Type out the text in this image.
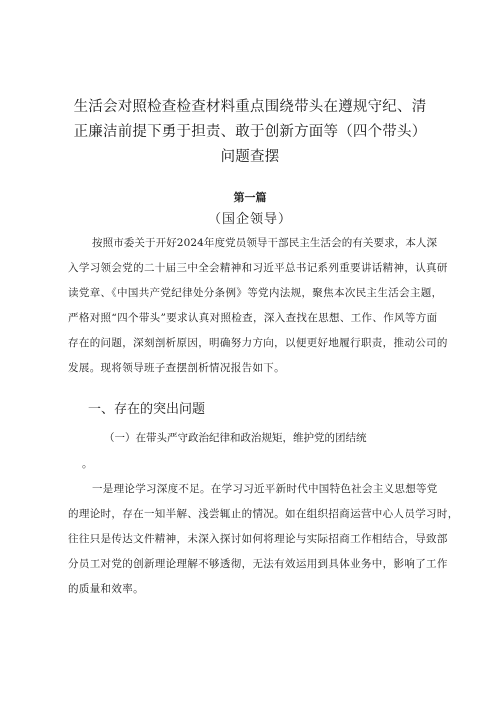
生活会对照检查检查材料重点围绕带头在遵规守纪、清
正廉洁前提下勇于担责、敢于创新方面等（四个带头）
问题查摆
第一篇
（国企领导）
按照市委关于开好2024年度党员领导干部民主生活会的有关要求，本人深
入学习领会党的二十届三中全会精神和习近平总书记系列重要讲话精神，认真研
读党章、《中国共产党纪律处分条例》等党内法规，聚焦本次民主生活会主题，
严格对照“四个带头”要求认真对照检查，深入查找在思想、工作、作风等方面
存在的问题，深刻剖析原因，明确努力方向，以便更好地履行职责，推动公司的
发展。现将领导班子查摆剖析情况报告如下。
一、存在的突出问题
（一）在带头严守政治纪律和政治规矩，维护党的团结统
。
一是理论学习深度不足。在学习习近平新时代中国特色社会主义思想等党
的理论时，存在一知半解、浅尝辄止的情况。如在组织招商运营中心人员学习时，
往往只是传达文件精神，未深入探讨如何将理论与实际招商工作相结合，导致部
分员工对党的创新理论理解不够透彻，无法有效运用到具体业务中，影响了工作
的质量和效率。
